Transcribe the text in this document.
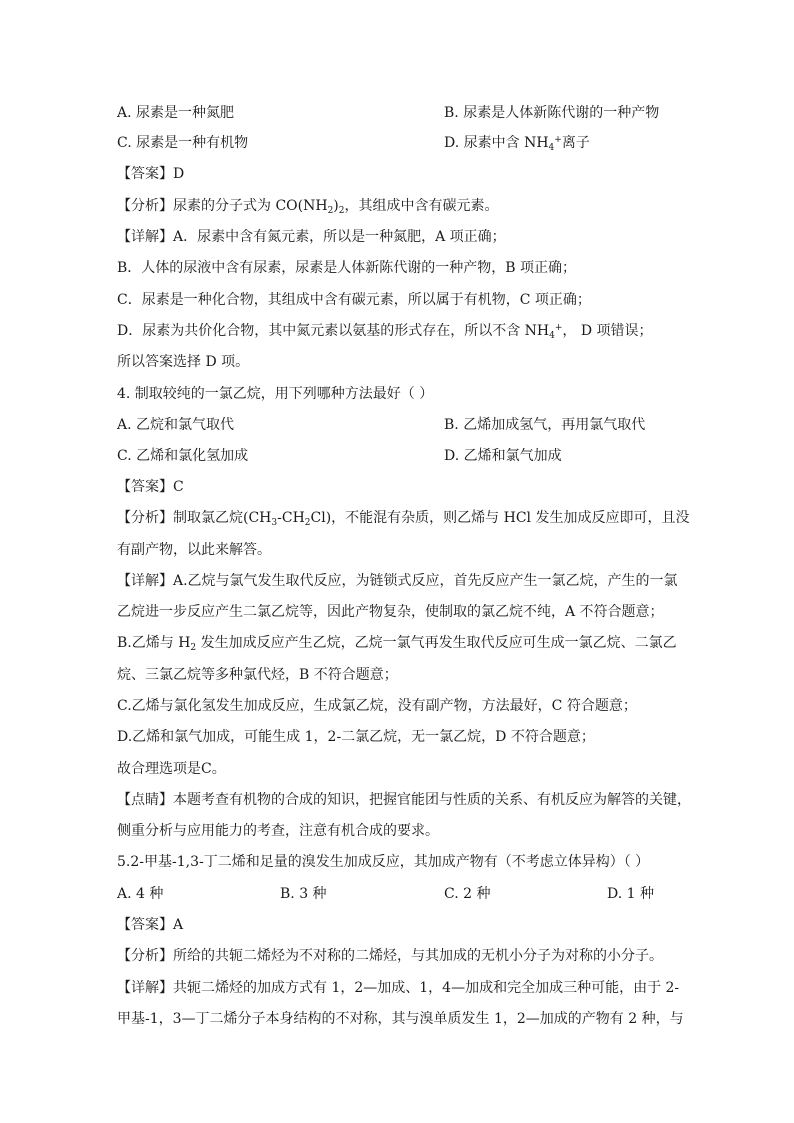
A. 尿素是一种氮肥	B. 尿素是人体新陈代谢的一种产物
C. 尿素是一种有机物	D. 尿素中含 $NH_4^+$离子
【答案】D
【分析】尿素的分子式为 $CO(NH_2)_2$，其组成中含有碳元素。
【详解】A．尿素中含有氮元素，所以是一种氮肥，A 项正确；
B．人体的尿液中含有尿素，尿素是人体新陈代谢的一种产物，B 项正确；
C．尿素是一种化合物，其组成中含有碳元素，所以属于有机物，C 项正确；
D．尿素为共价化合物，其中氮元素以氨基的形式存在，所以不含 $NH_4^+$， D 项错误；
所以答案选择 D 项。
4. 制取较纯的一氯乙烷，用下列哪种方法最好（ ）
A. 乙烷和氯气取代	B. 乙烯加成氢气，再用氯气取代
C. 乙烯和氯化氢加成	D. 乙烯和氯气加成
【答案】C
【分析】制取氯乙烷$(CH_3-CH_2Cl)$，不能混有杂质，则乙烯与 HCl 发生加成反应即可，且没
有副产物，以此来解答。
【详解】A.乙烷与氯气发生取代反应，为链锁式反应，首先反应产生一氯乙烷，产生的一氯
乙烷进一步反应产生二氯乙烷等，因此产物复杂，使制取的氯乙烷不纯，A 不符合题意；
B.乙烯与 $H_2$ 发生加成反应产生乙烷，乙烷一氯气再发生取代反应可生成一氯乙烷、二氯乙
烷、三氯乙烷等多种氯代烃，B 不符合题意；
C.乙烯与氯化氢发生加成反应，生成氯乙烷，没有副产物，方法最好，C 符合题意；
D.乙烯和氯气加成，可能生成 1，2-二氯乙烷，无一氯乙烷，D 不符合题意；
故合理选项是C。
【点睛】本题考查有机物的合成的知识，把握官能团与性质的关系、有机反应为解答的关键，
侧重分析与应用能力的考查，注意有机合成的要求。
5.2-甲基-1,3-丁二烯和足量的溴发生加成反应，其加成产物有（不考虑立体异构）（ ）
A. 4 种	B. 3 种	C. 2 种	D. 1 种
【答案】A
【分析】所给的共轭二烯烃为不对称的二烯烃，与其加成的无机小分子为对称的小分子。
【详解】共轭二烯烃的加成方式有 1，2—加成、1，4—加成和完全加成三种可能，由于 2-
甲基-1，3—丁二烯分子本身结构的不对称，其与溴单质发生 1，2—加成的产物有 2 种，与
